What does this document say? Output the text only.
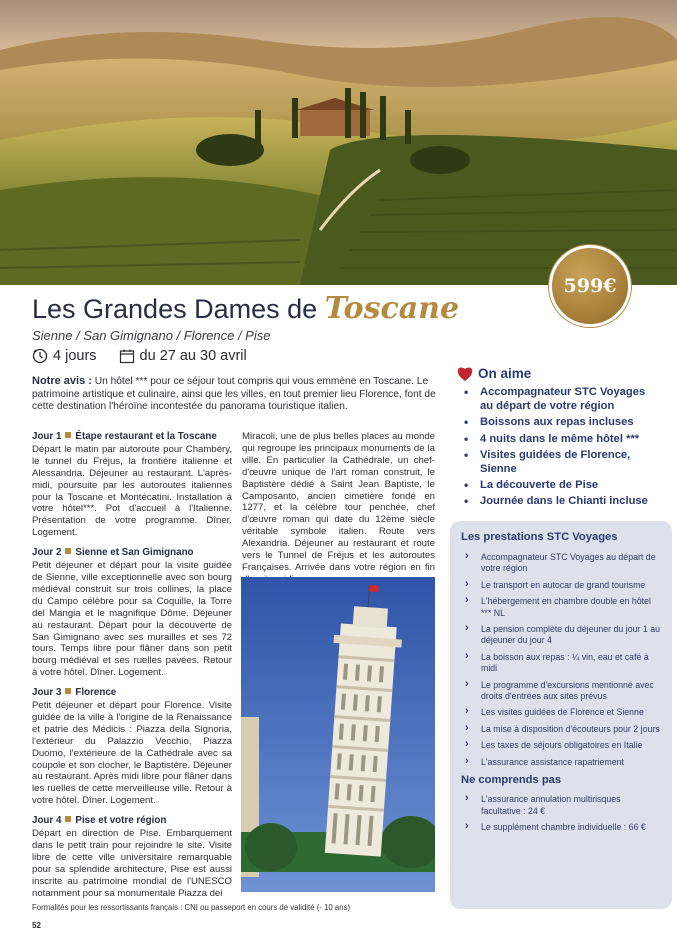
599€
Les Grandes Dames de Toscane
Sienne / San Gimignano / Florence / Pise
4 jours	du 27 au 30 avril
Notre avis : Un hôtel *** pour ce séjour tout compris qui vous emmène en Toscane. Le patrimoine artistique et culinaire, ainsi que les villes, en tout premier lieu Florence, font de cette destination l'héroïne incontestée du panorama touristique italien.
On aime
• Accompagnateur STC Voyages au départ de votre région
• Boissons aux repas incluses
• 4 nuits dans le même hôtel ***
• Visites guidées de Florence, Sienne
• La découverte de Pise
• Journée dans le Chianti incluse
Jour 1 Étape restaurant et la Toscane
Départ le matin par autoroute pour Chambéry, le tunnel du Fréjus, la frontière italienne et Alessandria. Déjeuner au restaurant. L'après-midi, poursuite par les autoroutes italiennes pour la Toscane et Montécatini. Installation à votre hôtel***. Pot d'accueil à l'Italienne. Présentation de votre programme. Dîner. Logement.
Jour 2 Sienne et San Gimignano
Petit déjeuner et départ pour la visite guidée de Sienne, ville exceptionnelle avec son bourg médiéval construit sur trois collines, la place du Campo célèbre pour sa Coquille, la Torre del Mangia et le magnifique Dôme. Déjeuner au restaurant. Départ pour la découverte de San Gimignano avec ses murailles et ses 72 tours. Temps libre pour flâner dans son petit bourg médiéval et ses ruelles pavées. Retour à votre hôtel. Dîner. Logement.
Jour 3 Florence
Petit déjeuner et départ pour Florence. Visite guidée de la ville à l'origine de la Renaissance et patrie des Médicis : Piazza della Signoria, l'extérieur du Palazzio Vecchio, Piazza Duomo, l'extérieure de la Cathédrale avec sa coupole et son clocher, le Baptistère. Déjeuner au restaurant. Après midi libre pour flâner dans les ruelles de cette merveilleuse ville. Retour à votre hôtel. Dîner. Logement.
Jour 4 Pise et votre région
Départ en direction de Pise. Embarquement dans le petit train pour rejoindre le site. Visite libre de cette ville universitaire remarquable pour sa splendide architecture, Pise est aussi inscrite au patrimoine mondial de l'UNESCO notamment pour sa monumentale Piazza dei
Miracoli, une de plus belles places au monde qui regroupe les principaux monuments de la ville. En particulier la Cathédrale, un chef-d'œuvre unique de l'art roman construit, le Baptistère dédié à Saint Jean Baptiste, le Camposanto, ancien cimetière fondé en 1277, et la célèbre tour penchée, chef d'œuvre roman qui date du 12ème siècle véritable symbole italien. Route vers Alexandria. Déjeuner au restaurant et route vers le Tunnel de Fréjus et les autoroutes Françaises. Arrivée dans votre région en fin
Les prestations STC Voyages
› Accompagnateur STC Voyages au départ de votre région
› Le transport en autocar de grand tourisme
› L'hébergement en chambre double en hôtel *** NL
› La pension complète du déjeuner du jour 1 au déjeuner du jour 4
› La boisson aux repas : ¼ vin, eau et café à midi
› Le programme d'excursions mentionné avec droits d'entrées aux sites prévus
› Les visites guidées de Florence et Sienne
› La mise à disposition d'écouteurs pour 2 jours
› Les taxes de séjours obligatoires en Italie
› L'assurance assistance rapatriement
Ne comprends pas
› L'assurance annulation multirisques facultative : 24 €
› Le supplément chambre individuelle : 66 €
Formalités pour les ressortissants français : CNI ou passeport en cours de validité (- 10 ans)
52
